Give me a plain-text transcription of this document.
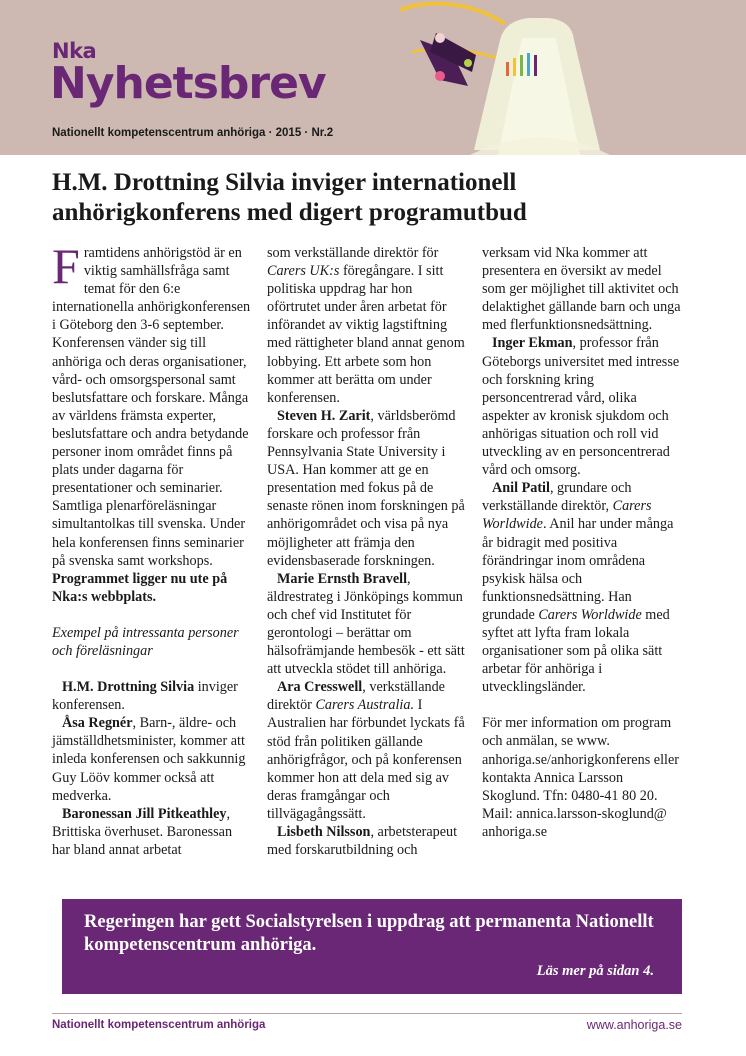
Nka
Nyhetsbrev
Nationellt kompetenscentrum anhöriga · 2015 · Nr.2
H.M. Drottning Silvia inviger internationell
anhörigkonferens med digert programutbud

Framtidens anhörigstöd är en viktig samhällsfråga samt temat för den 6:e internationella anhörigkonferensen i Göteborg den 3-6 september. Konferensen vänder sig till anhöriga och deras organisationer, vård- och omsorgspersonal samt beslutsfattare och forskare. Många av världens främsta experter, beslutsfattare och andra betydande personer inom området finns på plats under dagarna för presentationer och seminarier. Samtliga plenarföreläsningar simultantolkas till svenska. Under hela konferensen finns seminarier på svenska samt workshops. Programmet ligger nu ute på Nka:s webbplats.

Exempel på intressanta personer och föreläsningar

H.M. Drottning Silvia inviger konferensen.

Åsa Regnér, Barn-, äldre- och jämställdhetsminister, kommer att inleda konferensen och sakkunnig Guy Lööv kommer också att medverka.

Baronessan Jill Pitkeathley, Brittiska överhuset. Baronessan har bland annat arbetat

som verkställande direktör för Carers UK:s föregångare. I sitt politiska uppdrag har hon oförtrutet under åren arbetat för införandet av viktig lagstiftning med rättigheter bland annat genom lobbying. Ett arbete som hon kommer att berätta om under konferensen.

Steven H. Zarit, världsberömd forskare och professor från Pennsylvania State University i USA. Han kommer att ge en presentation med fokus på de senaste rönen inom forskningen på anhörigområdet och visa på nya möjligheter att främja den evidensbaserade forskningen.

Marie Ernsth Bravell, äldrestrateg i Jönköpings kommun och chef vid Institutet för gerontologi – berättar om hälsofrämjande hembesök - ett sätt att utveckla stödet till anhöriga.

Ara Cresswell, verkställande direktör Carers Australia. I Australien har förbundet lyckats få stöd från politiken gällande anhörigfrågor, och på konferensen kommer hon att dela med sig av deras framgångar och tillvägagångssätt.

Lisbeth Nilsson, arbetsterapeut med forskarutbildning och

verksam vid Nka kommer att presentera en översikt av medel som ger möjlighet till aktivitet och delaktighet gällande barn och unga med flerfunktionsnedsättning.

Inger Ekman, professor från Göteborgs universitet med intresse och forskning kring personcentrerad vård, olika aspekter av kronisk sjukdom och anhörigas situation och roll vid utveckling av en personcentrerad vård och omsorg.

Anil Patil, grundare och verkställande direktör, Carers Worldwide. Anil har under många år bidragit med positiva förändringar inom områdena psykisk hälsa och funktionsnedsättning. Han grundade Carers Worldwide med syftet att lyfta fram lokala organisationer som på olika sätt arbetar för anhöriga i utvecklingsländer.

För mer information om program och anmälan, se www. anhoriga.se/anhorigkonferens eller kontakta Annica Larsson Skoglund. Tfn: 0480-41 80 20. Mail: annica.larsson-skoglund@ anhoriga.se

Regeringen har gett Socialstyrelsen i uppdrag att permanenta Nationellt kompetenscentrum anhöriga.
Läs mer på sidan 4.
Nationellt kompetenscentrum anhöriga	www.anhoriga.se
